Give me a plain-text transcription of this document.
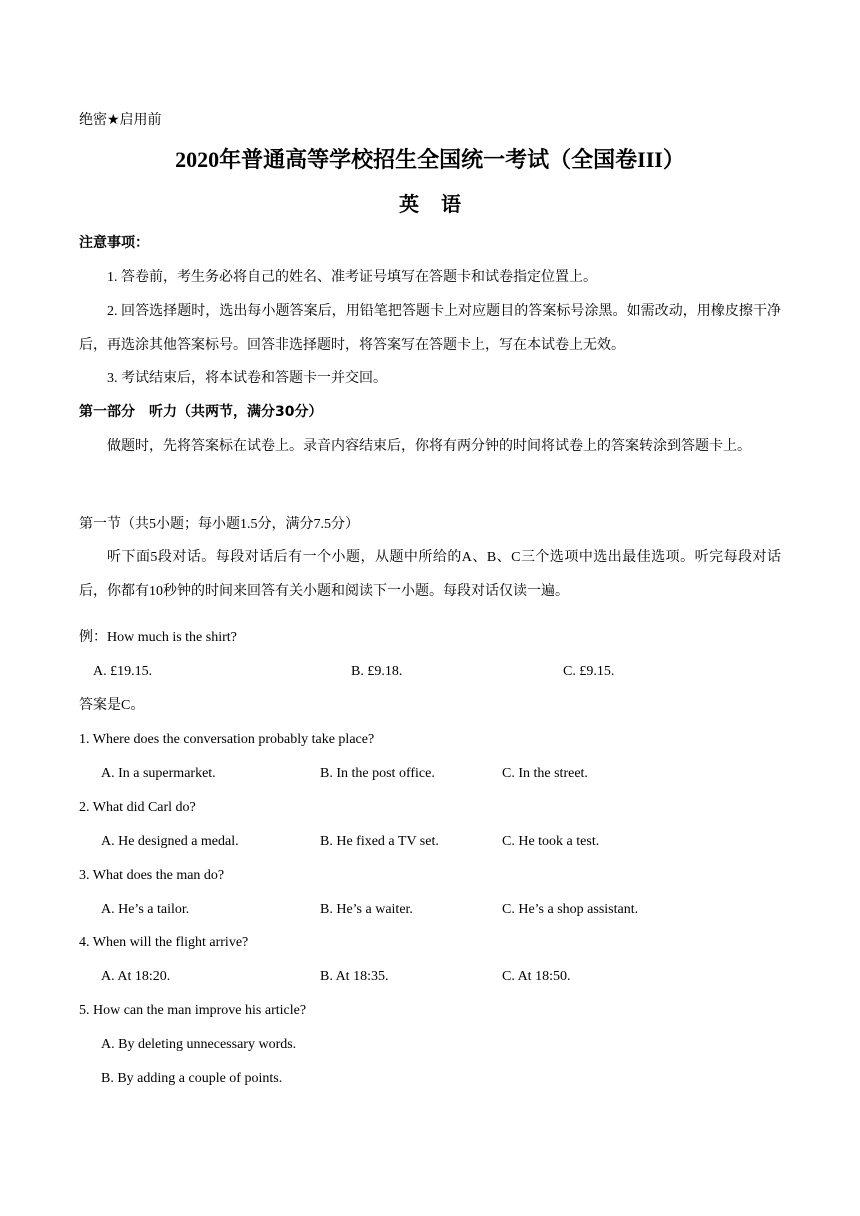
绝密★启用前
2020年普通高等学校招生全国统一考试（全国卷III）
英语
注意事项：
1. 答卷前，考生务必将自己的姓名、准考证号填写在答题卡和试卷指定位置上。
2. 回答选择题时，选出每小题答案后，用铅笔把答题卡上对应题目的答案标号涂黑。如需改动，用橡皮擦干净后，再选涂其他答案标号。回答非选择题时，将答案写在答题卡上，写在本试卷上无效。
3. 考试结束后，将本试卷和答题卡一并交回。
第一部分　听力（共两节，满分30分）
做题时，先将答案标在试卷上。录音内容结束后，你将有两分钟的时间将试卷上的答案转涂到答题卡上。
第一节（共5小题；每小题1.5分，满分7.5分）
听下面5段对话。每段对话后有一个小题，从题中所给的A、B、C三个选项中选出最佳选项。听完每段对话后，你都有10秒钟的时间来回答有关小题和阅读下一小题。每段对话仅读一遍。
例：How much is the shirt?
A. £19.15.	B. £9.18.	C. £9.15.
答案是C。
1. Where does the conversation probably take place?
A. In a supermarket.	B. In the post office.	C. In the street.
2. What did Carl do?
A. He designed a medal.	B. He fixed a TV set.	C. He took a test.
3. What does the man do?
A. He’s a tailor.	B. He’s a waiter.	C. He’s a shop assistant.
4. When will the flight arrive?
A. At 18:20.	B. At 18:35.	C. At 18:50.
5. How can the man improve his article?
A. By deleting unnecessary words.
B. By adding a couple of points.
